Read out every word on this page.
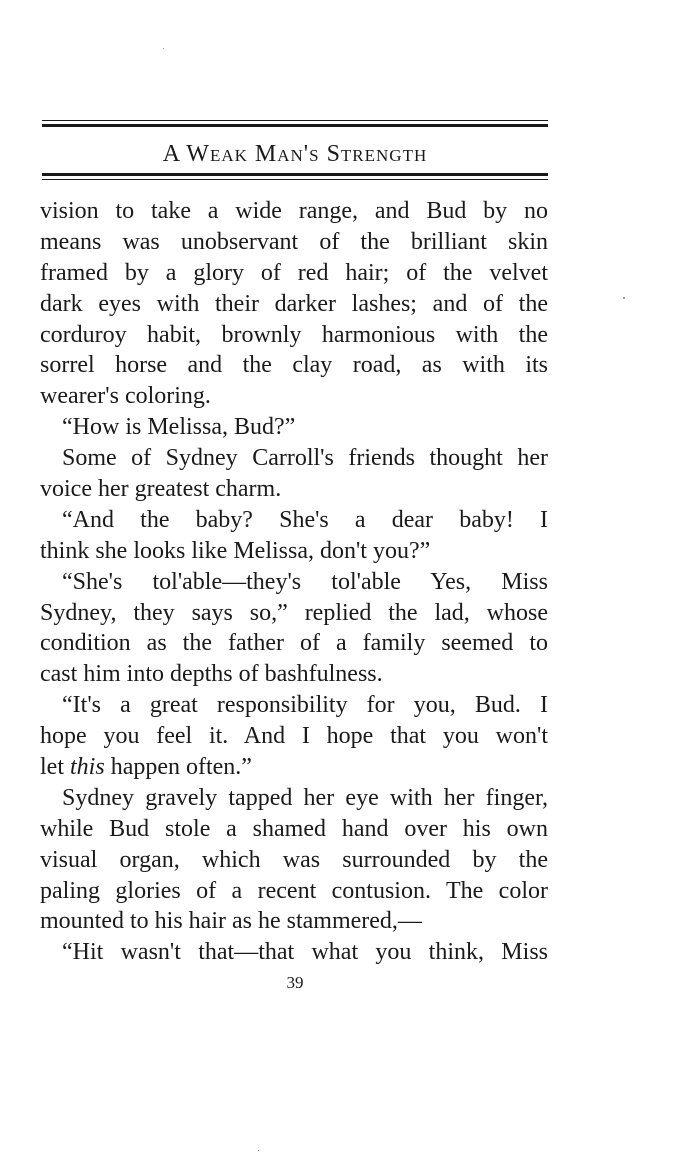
A Weak Man's Strength
vision to take a wide range, and Bud by no
means was unobservant of the brilliant skin
framed by a glory of red hair; of the velvet
dark eyes with their darker lashes; and of the
corduroy habit, brownly harmonious with the
sorrel horse and the clay road, as with its
wearer's coloring.
“How is Melissa, Bud?”
Some of Sydney Carroll's friends thought her
voice her greatest charm.
“And the baby? She's a dear baby! I
think she looks like Melissa, don't you?”
“She's tol'able—they's tol'able Yes, Miss
Sydney, they says so,” replied the lad, whose
condition as the father of a family seemed to
cast him into depths of bashfulness.
“It's a great responsibility for you, Bud. I
hope you feel it. And I hope that you won't
let this happen often.”
Sydney gravely tapped her eye with her finger,
while Bud stole a shamed hand over his own
visual organ, which was surrounded by the
paling glories of a recent contusion. The color
mounted to his hair as he stammered,—
“Hit wasn't that—that what you think, Miss
39
